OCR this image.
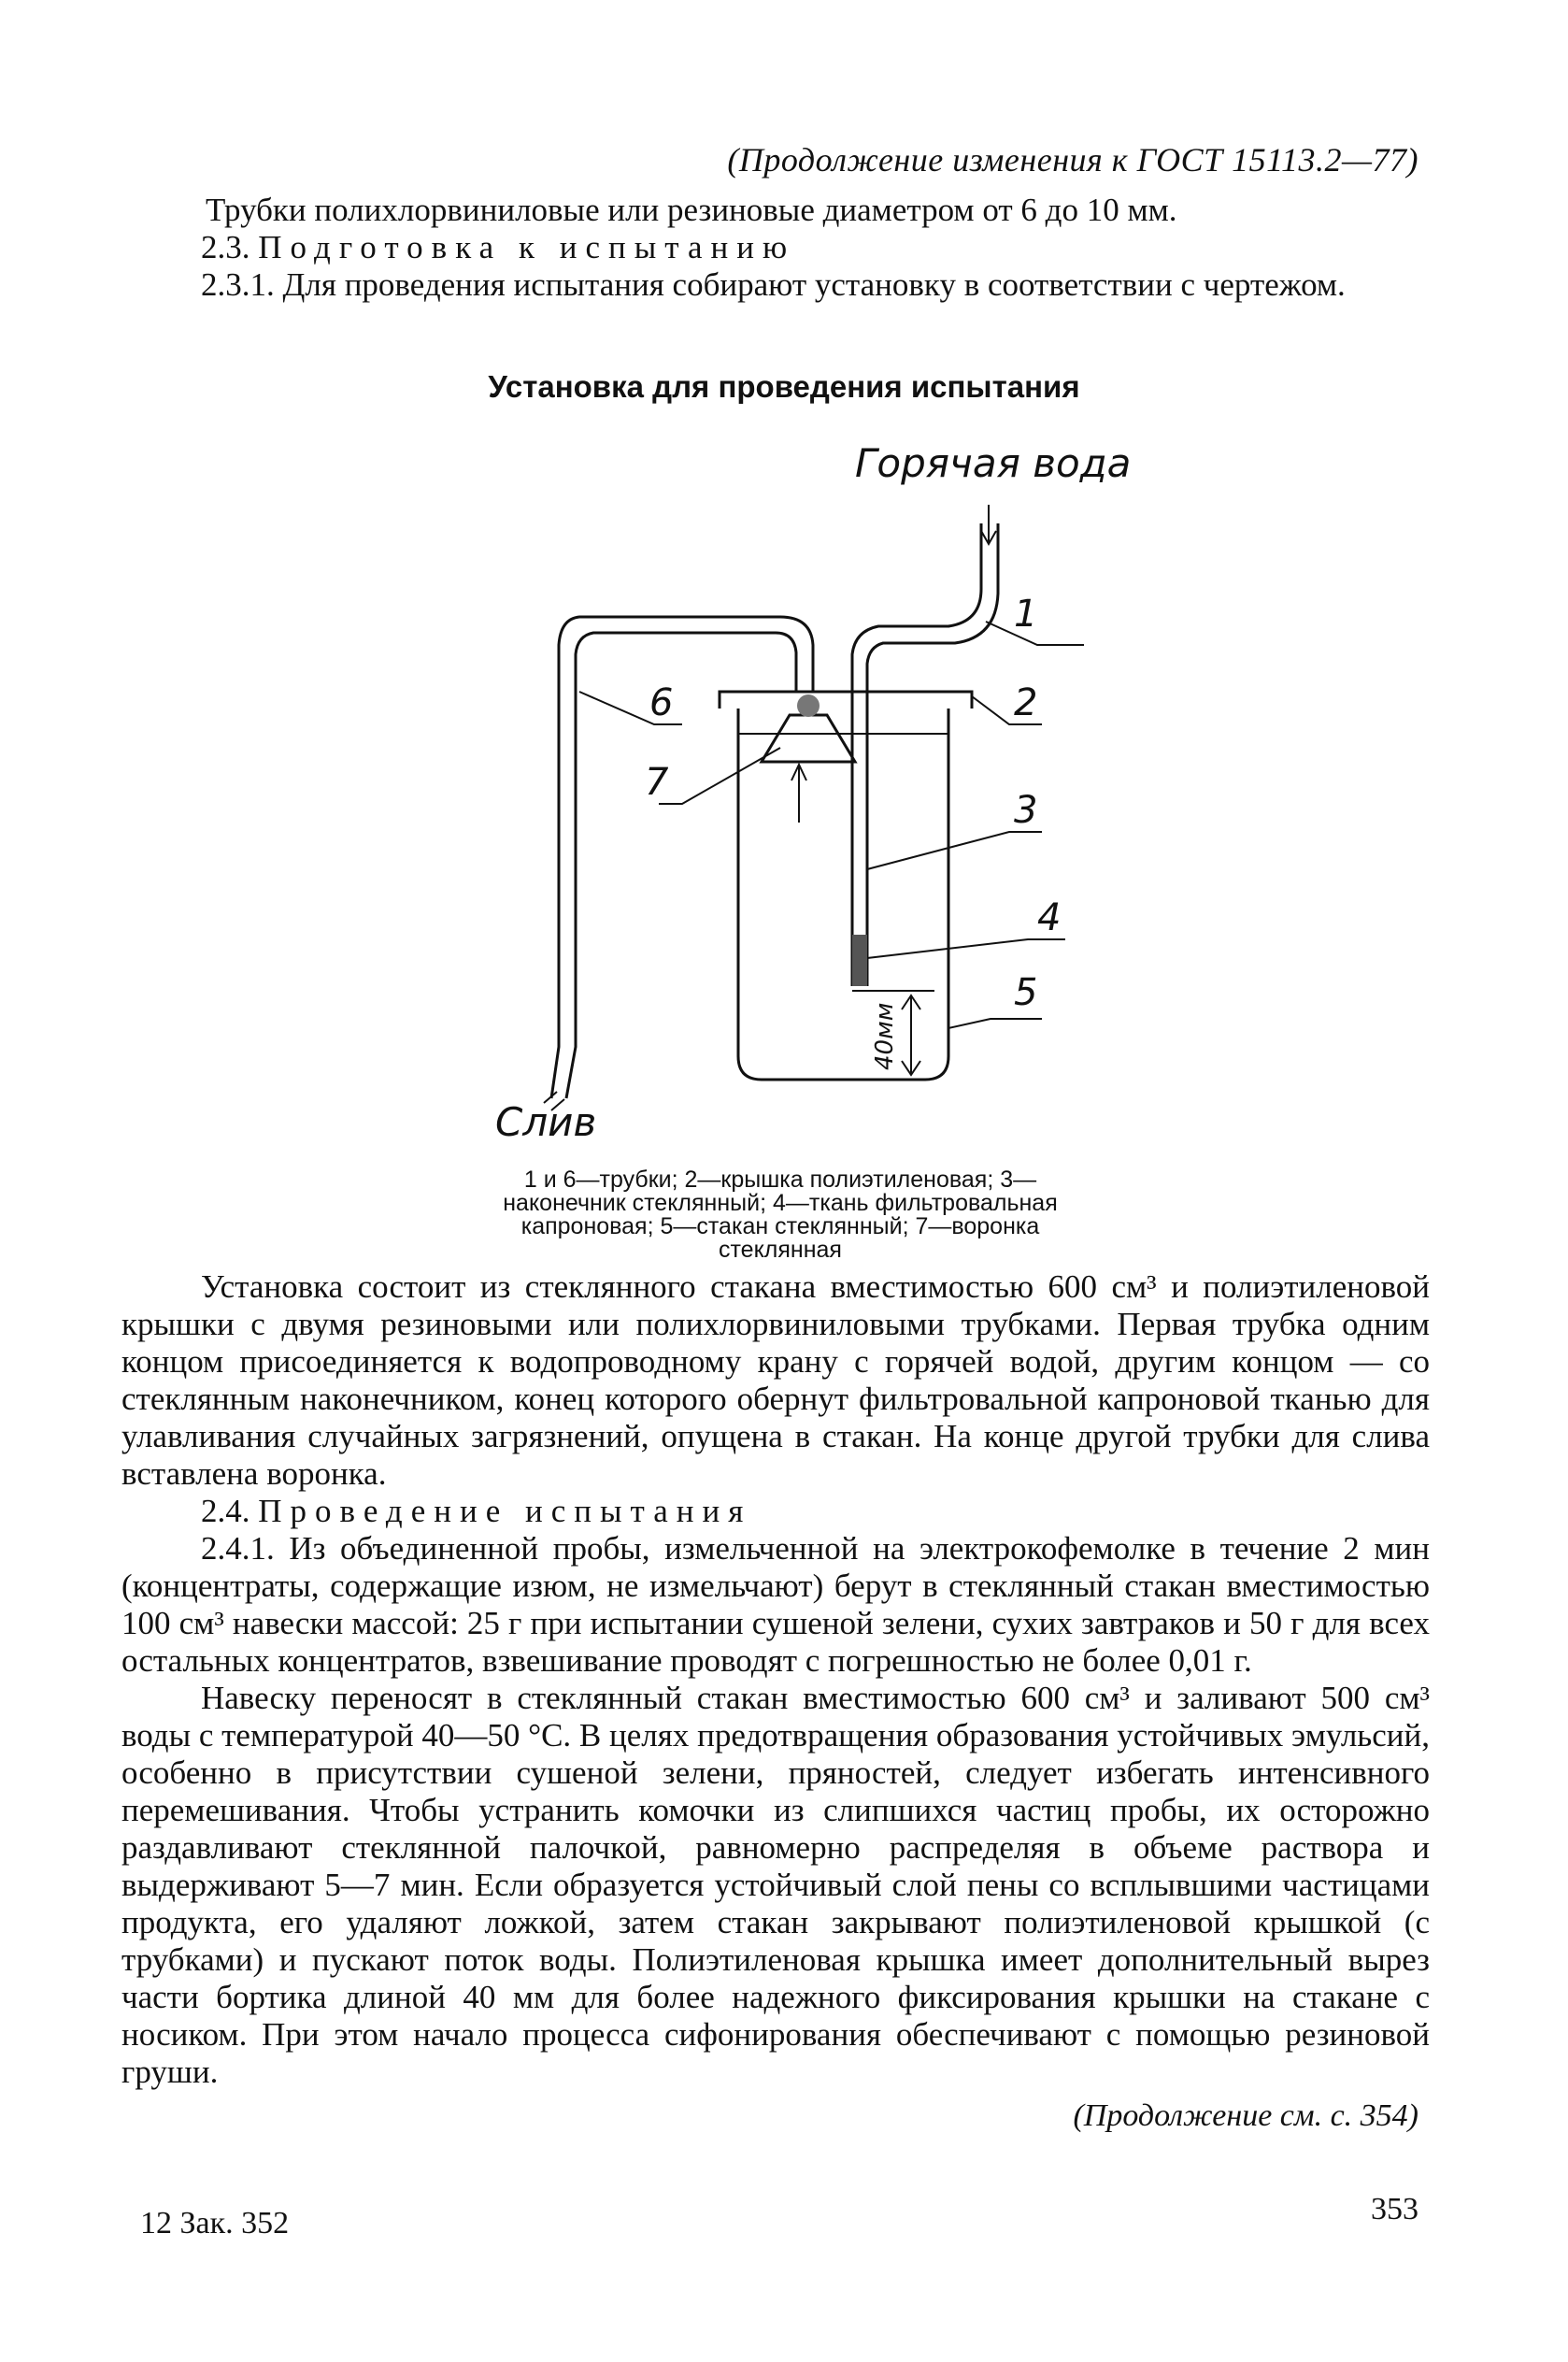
(Продолжение изменения к ГОСТ 15113.2—77)
Трубки полихлорвиниловые или резиновые диаметром от 6 до 10 мм.
2.3. Подготовка к испытанию
2.3.1. Для проведения испытания собирают установку в соответствии с чертежом.
Установка для проведения испытания
Горячая вода
Слив
1
2
3
4
5
6
7
40мм
1 и 6—трубки; 2—крышка полиэтиленовая; 3—наконечник стеклянный; 4—ткань фильтровальная капроновая; 5—стакан стеклянный; 7—воронка стеклянная
Установка состоит из стеклянного стакана вместимостью 600 см³ и полиэтиленовой крышки с двумя резиновыми или полихлорвиниловыми трубками. Первая трубка одним концом присоединяется к водопроводному крану с горячей водой, другим концом — со стеклянным наконечником, конец которого обернут фильтровальной капроновой тканью для улавливания случайных загрязнений, опущена в стакан. На конце другой трубки для слива вставлена воронка.
2.4. Проведение испытания
2.4.1. Из объединенной пробы, измельченной на электрокофемолке в течение 2 мин (концентраты, содержащие изюм, не измельчают) берут в стеклянный стакан вместимостью 100 см³ навески массой: 25 г при испытании сушеной зелени, сухих завтраков и 50 г для всех остальных концентратов, взвешивание проводят с погрешностью не более 0,01 г.
Навеску переносят в стеклянный стакан вместимостью 600 см³ и заливают 500 см³ воды с температурой 40—50 °С. В целях предотвращения образования устойчивых эмульсий, особенно в присутствии сушеной зелени, пряностей, следует избегать интенсивного перемешивания. Чтобы устранить комочки из слипшихся частиц пробы, их осторожно раздавливают стеклянной палочкой, равномерно распределяя в объеме раствора и выдерживают 5—7 мин. Если образуется устойчивый слой пены со всплывшими частицами продукта, его удаляют ложкой, затем стакан закрывают полиэтиленовой крышкой (с трубками) и пускают поток воды. Полиэтиленовая крышка имеет дополнительный вырез части бортика длиной 40 мм для более надежного фиксирования крышки на стакане с носиком. При этом начало процесса сифонирования обеспечивают с помощью резиновой груши.
(Продолжение см. с. 354)
12 Зак. 352	353
